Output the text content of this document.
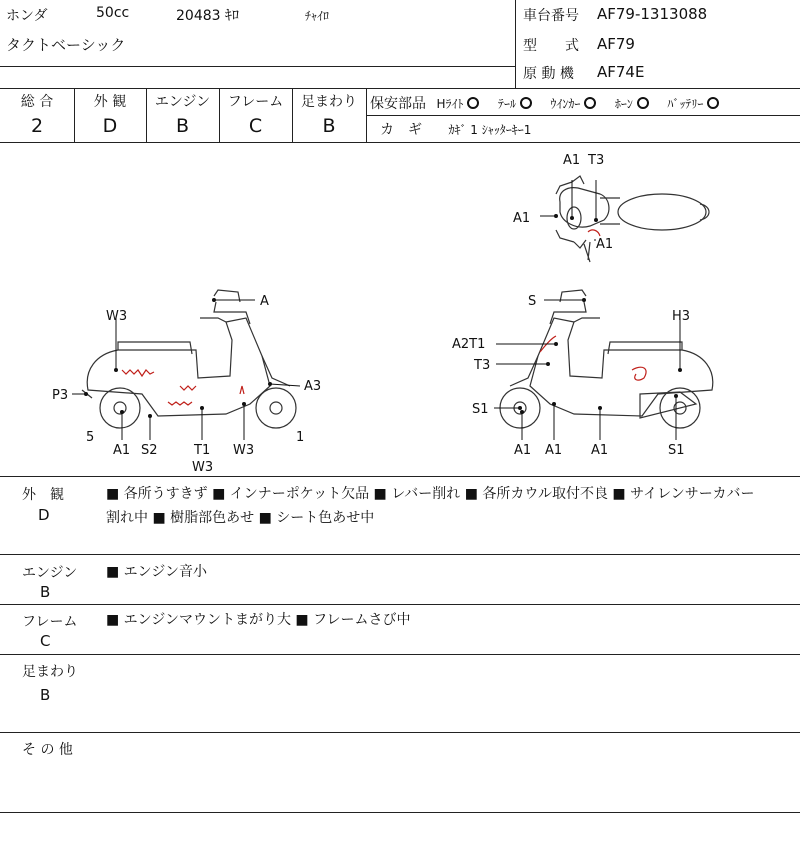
ホンダ	50cc	20483 ｷﾛ	ﾁｬｲﾛ
タクトベーシック
車台番号 AF79-1313088
型　　式 AF79
原 動 機 AF74E
総 合
2
外 観
D
エンジン
B
フレーム
C
足まわり
B
保安部品 Hﾗｲﾄ	ﾃｰﾙ	ｳｲﾝｶｰ	ﾎｰﾝ	ﾊﾞｯﾃﾘｰ
カ　ギ ｶｷﾞ 1 ｼｬｯﾀｰｷｰ1
A1 T3
A1
A1
A
W3
A3
P3
5
A1 S2	T1
W3
W3
1
S
H3
A2T1
T3
S1
A1 A1 A1	S1
外　観
D
■ 各所うすきず ■ インナーポケット欠品 ■ レバー削れ ■ 各所カウル取付不良 ■ サイレンサーカバー
割れ中 ■ 樹脂部色あせ ■ シート色あせ中
エンジン
B
■ エンジン音小
フレーム
C
■ エンジンマウントまがり大 ■ フレームさび中
足まわり
B
そ の 他
